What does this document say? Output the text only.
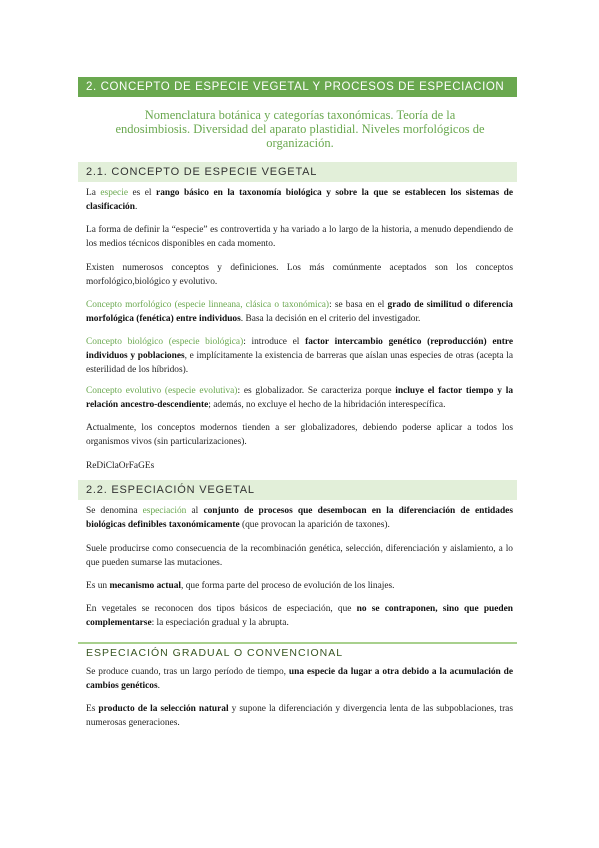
2. CONCEPTO DE ESPECIE VEGETAL Y PROCESOS DE ESPECIACION
Nomenclatura botánica y categorías taxonómicas. Teoría de la endosimbiosis. Diversidad del aparato plastidial. Niveles morfológicos de organización.
2.1. CONCEPTO DE ESPECIE VEGETAL
La especie es el rango básico en la taxonomía biológica y sobre la que se establecen los sistemas de clasificación.
La forma de definir la “especie” es controvertida y ha variado a lo largo de la historia, a menudo dependiendo de los medios técnicos disponibles en cada momento.
Existen numerosos conceptos y definiciones. Los más comúnmente aceptados son los conceptos morfológico,biológico y evolutivo.
Concepto morfológico (especie linneana, clásica o taxonómica): se basa en el grado de similitud o diferencia morfológica (fenética) entre individuos. Basa la decisión en el criterio del investigador.
Concepto biológico (especie biológica): introduce el factor intercambio genético (reproducción) entre individuos y poblaciones, e implícitamente la existencia de barreras que aíslan unas especies de otras (acepta la esterilidad de los híbridos).
Concepto evolutivo (especie evolutiva): es globalizador. Se caracteriza porque incluye el factor tiempo y la relación ancestro-descendiente; además, no excluye el hecho de la hibridación interespecífica.
Actualmente, los conceptos modernos tienden a ser globalizadores, debiendo poderse aplicar a todos los organismos vivos (sin particularizaciones).
ReDiClaOrFaGEs
2.2. ESPECIACIÓN VEGETAL
Se denomina especiación al conjunto de procesos que desembocan en la diferenciación de entidades biológicas definibles taxonómicamente (que provocan la aparición de taxones).
Suele producirse como consecuencia de la recombinación genética, selección, diferenciación y aislamiento, a lo que pueden sumarse las mutaciones.
Es un mecanismo actual, que forma parte del proceso de evolución de los linajes.
En vegetales se reconocen dos tipos básicos de especiación, que no se contraponen, sino que pueden complementarse: la especiación gradual y la abrupta.
ESPECIACIÓN GRADUAL O CONVENCIONAL
Se produce cuando, tras un largo período de tiempo, una especie da lugar a otra debido a la acumulación de cambios genéticos.
Es producto de la selección natural y supone la diferenciación y divergencia lenta de las subpoblaciones, tras numerosas generaciones.
